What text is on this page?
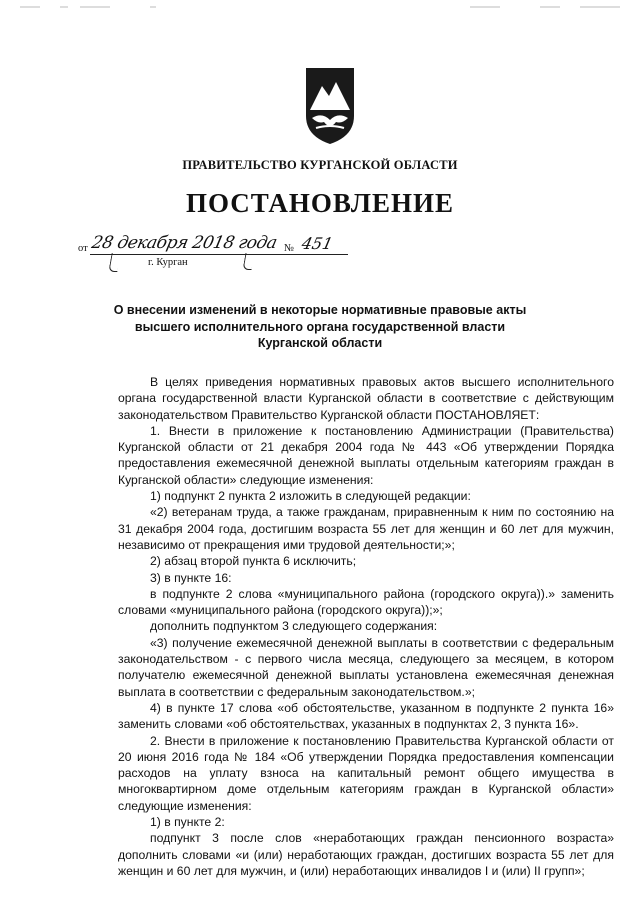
ПРАВИТЕЛЬСТВО КУРГАНСКОЙ ОБЛАСТИ
ПОСТАНОВЛЕНИЕ
от 28 декабря 2018 года № 451
г. Курган
О внесении изменений в некоторые нормативные правовые акты
высшего исполнительного органа государственной власти
Курганской области

В целях приведения нормативных правовых актов высшего исполнительного органа государственной власти Курганской области в соответствие с действующим законодательством Правительство Курганской области ПОСТАНОВЛЯЕТ:

1. Внести в приложение к постановлению Администрации (Правительства) Курганской области от 21 декабря 2004 года № 443 «Об утверждении Порядка предоставления ежемесячной денежной выплаты отдельным категориям граждан в Курганской области» следующие изменения:

1) подпункт 2 пункта 2 изложить в следующей редакции:

«2) ветеранам труда, а также гражданам, приравненным к ним по состоянию на 31 декабря 2004 года, достигшим возраста 55 лет для женщин и 60 лет для мужчин, независимо от прекращения ими трудовой деятельности;»;

2) абзац второй пункта 6 исключить;

3) в пункте 16:

в подпункте 2 слова «муниципального района (городского округа)).» заменить словами «муниципального района (городского округа));»;

дополнить подпунктом 3 следующего содержания:

«3) получение ежемесячной денежной выплаты в соответствии с федеральным законодательством - с первого числа месяца, следующего за месяцем, в котором получателю ежемесячной денежной выплаты установлена ежемесячная денежная выплата в соответствии с федеральным законодательством.»;

4) в пункте 17 слова «об обстоятельстве, указанном в подпункте 2 пункта 16» заменить словами «об обстоятельствах, указанных в подпунктах 2, 3 пункта 16».

2. Внести в приложение к постановлению Правительства Курганской области от 20 июня 2016 года № 184 «Об утверждении Порядка предоставления компенсации расходов на уплату взноса на капитальный ремонт общего имущества в многоквартирном доме отдельным категориям граждан в Курганской области» следующие изменения:

1) в пункте 2:

подпункт 3 после слов «неработающих граждан пенсионного возраста» дополнить словами «и (или) неработающих граждан, достигших возраста 55 лет для женщин и 60 лет для мужчин, и (или) неработающих инвалидов I и (или) II групп»;
